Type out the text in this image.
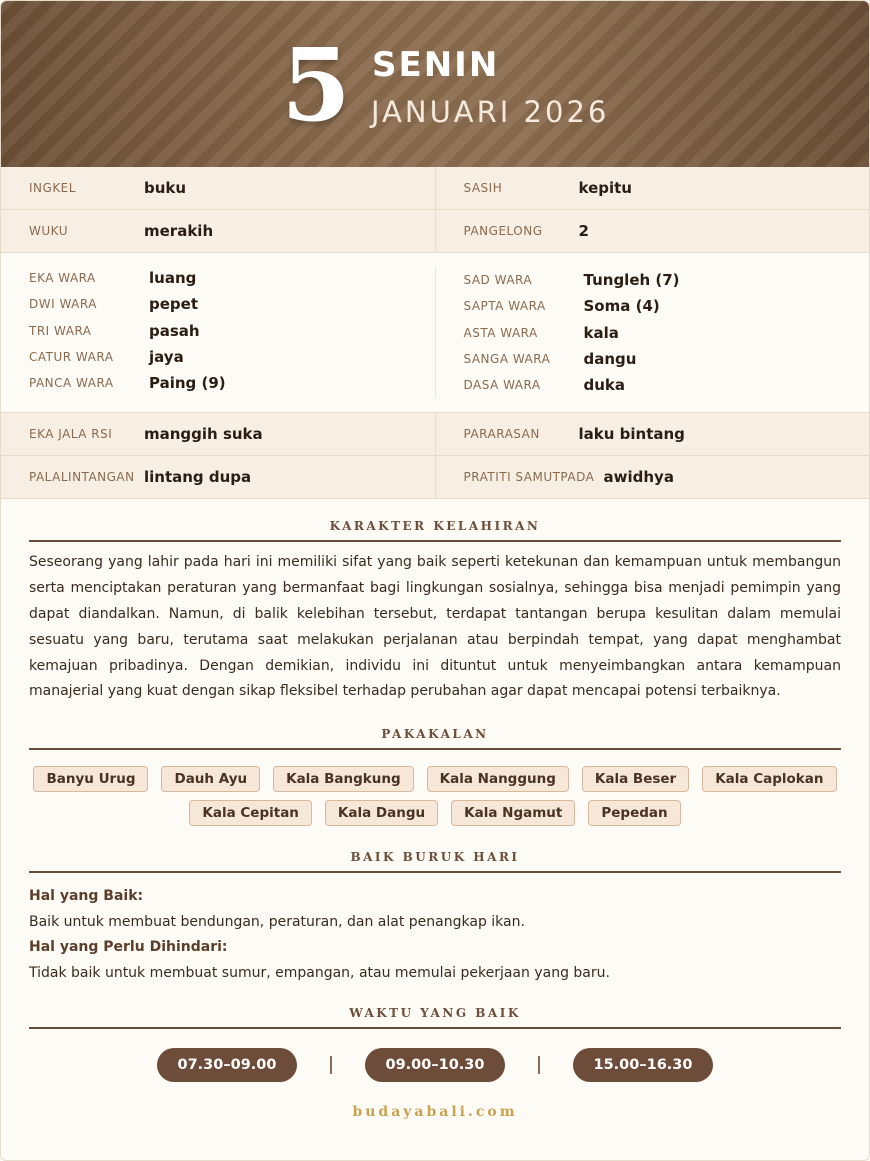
5 SENIN
JANUARI 2026
INGKEL	buku	SASIH	kepitu
WUKU	merakih	PANGELONG	2
EKA WARA	luang
DWI WARA	pepet
TRI WARA	pasah
CATUR WARA	jaya
PANCA WARA	Paing (9)
SAD WARA	Tungleh (7)
SAPTA WARA	Soma (4)
ASTA WARA	kala
SANGA WARA	dangu
DASA WARA	duka
EKA JALA RSI	manggih suka	PARARASAN	laku bintang
PALALINTANGAN lintang dupa	PRATITI SAMUTPADA awidhya
KARAKTER KELAHIRAN
Seseorang yang lahir pada hari ini memiliki sifat yang baik seperti ketekunan dan kemampuan untuk membangun serta menciptakan peraturan yang bermanfaat bagi lingkungan sosialnya, sehingga bisa menjadi pemimpin yang dapat diandalkan. Namun, di balik kelebihan tersebut, terdapat tantangan berupa kesulitan dalam memulai sesuatu yang baru, terutama saat melakukan perjalanan atau berpindah tempat, yang dapat menghambat kemajuan pribadinya. Dengan demikian, individu ini dituntut untuk menyeimbangkan antara kemampuan manajerial yang kuat dengan sikap fleksibel terhadap perubahan agar dapat mencapai potensi terbaiknya.
PAKAKALAN
Banyu Urug	Dauh Ayu	Kala Bangkung	Kala Nanggung	Kala Beser	Kala Caplokan
Kala Cepitan	Kala Dangu	Kala Ngamut	Pepedan
BAIK BURUK HARI
Hal yang Baik:
Baik untuk membuat bendungan, peraturan, dan alat penangkap ikan.
Hal yang Perlu Dihindari:
Tidak baik untuk membuat sumur, empangan, atau memulai pekerjaan yang baru.
WAKTU YANG BAIK
07.30–09.00	09.00–10.30	15.00–16.30
budayabali.com
